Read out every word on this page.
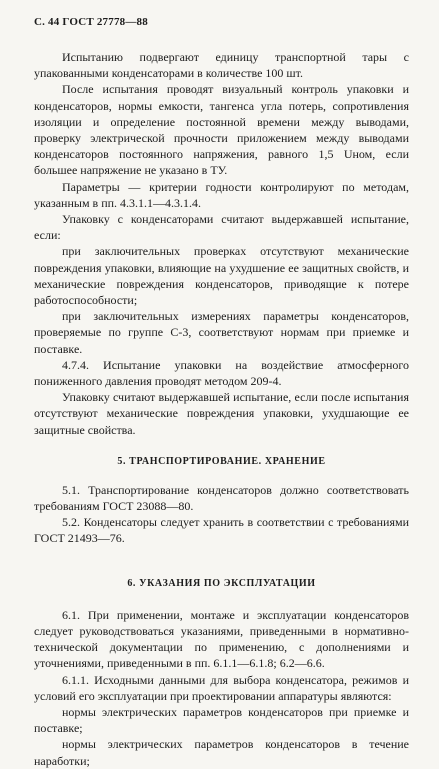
С. 44 ГОСТ 27778—88

Испытанию подвергают единицу транспортной тары с упакованными конденсаторами в количестве 100 шт.

После испытания проводят визуальный контроль упаковки и конденсаторов, нормы емкости, тангенса угла потерь, сопротивления изоляции и определение постоянной времени между выводами, проверку электрической прочности приложением между выводами конденсаторов постоянного напряжения, равного 1,5 Uном, если большее напряжение не указано в ТУ.

Параметры — критерии годности контролируют по методам, указанным в пп. 4.3.1.1—4.3.1.4.

Упаковку с конденсаторами считают выдержавшей испытание, если:

при заключительных проверках отсутствуют механические повреждения упаковки, влияющие на ухудшение ее защитных свойств, и механические повреждения конденсаторов, приводящие к потере работоспособности;

при заключительных измерениях параметры конденсаторов, проверяемые по группе С-3, соответствуют нормам при приемке и поставке.

4.7.4. Испытание упаковки на воздействие атмосферного пониженного давления проводят методом 209-4.

Упаковку считают выдержавшей испытание, если после испытания отсутствуют механические повреждения упаковки, ухудшающие ее защитные свойства.

5. ТРАНСПОРТИРОВАНИЕ. ХРАНЕНИЕ

5.1. Транспортирование конденсаторов должно соответствовать требованиям ГОСТ 23088—80.

5.2. Конденсаторы следует хранить в соответствии с требованиями ГОСТ 21493—76.

6. УКАЗАНИЯ ПО ЭКСПЛУАТАЦИИ

6.1. При применении, монтаже и эксплуатации конденсаторов следует руководствоваться указаниями, приведенными в нормативно-технической документации по применению, с дополнениями и уточнениями, приведенными в пп. 6.1.1—6.1.8; 6.2—6.6.

6.1.1. Исходными данными для выбора конденсатора, режимов и условий его эксплуатации при проектировании аппаратуры являются:

нормы электрических параметров конденсаторов при приемке и поставке;

нормы электрических параметров конденсаторов в течение наработки;
